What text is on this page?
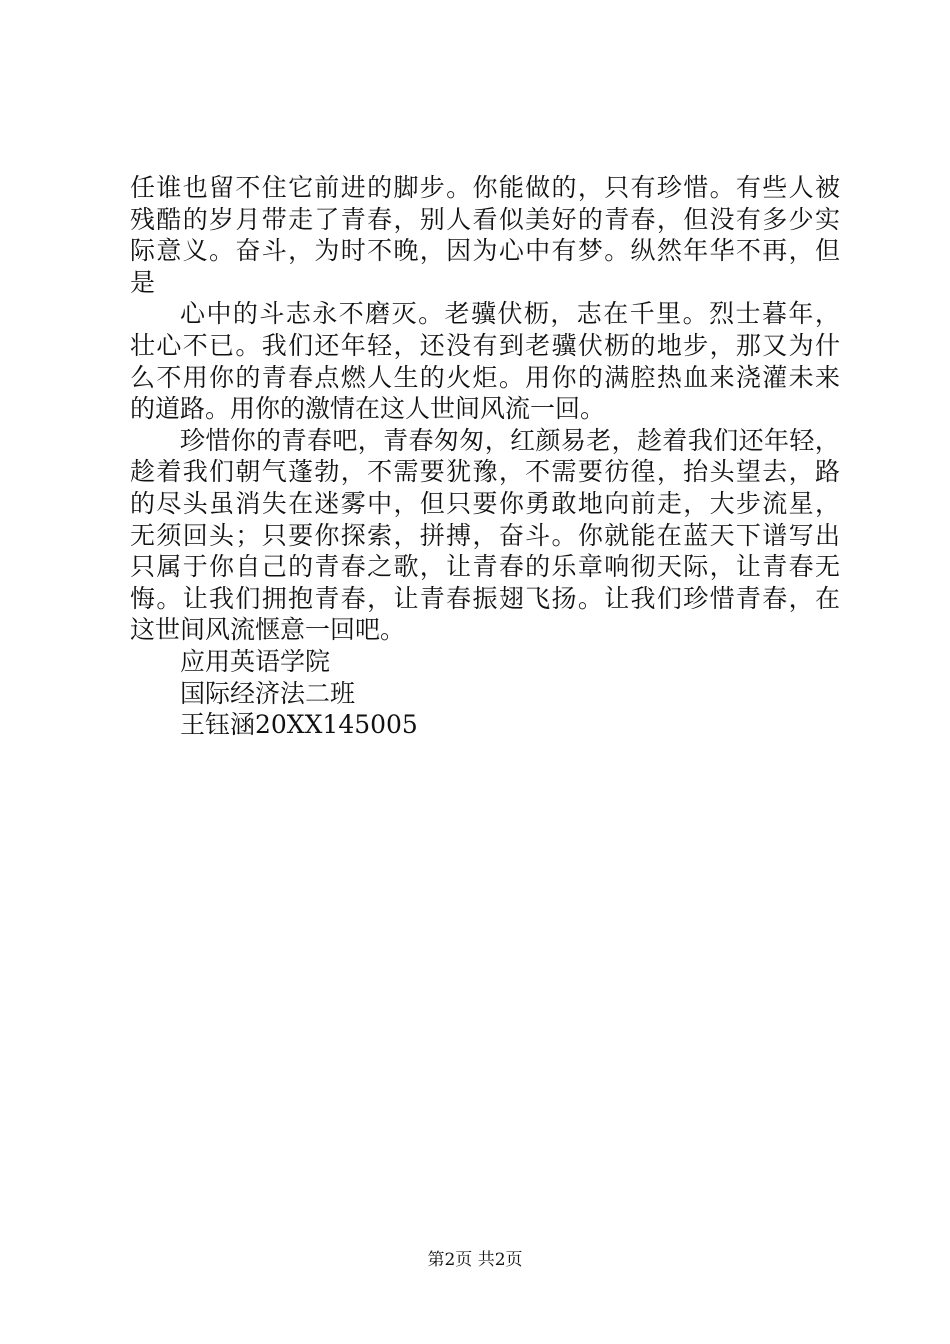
任 谁 也 留 不 住 它 前 进 的 脚 步 。 你 能 做 的 ， 只 有 珍 惜 。 有 些 人 被
残 酷 的 岁 月 带 走 了 青 春 ， 别 人 看 似 美 好 的 青 春 ， 但 没 有 多 少 实
际 意 义 。 奋 斗 ， 为 时 不 晚 ， 因 为 心 中 有 梦 。 纵 然 年 华 不 再 ， 但
是
心 中 的 斗 志 永 不 磨 灭 。 老 骥 伏 枥 ， 志 在 千 里 。 烈 士 暮 年 ，
壮 心 不 已 。 我 们 还 年 轻 ， 还 没 有 到 老 骥 伏 枥 的 地 步 ， 那 又 为 什
么 不 用 你 的 青 春 点 燃 人 生 的 火 炬 。 用 你 的 满 腔 热 血 来 浇 灌 未 来
的道路。用你的激情在这人世间风流一回。
珍 惜 你 的 青 春 吧 ， 青 春 匆 匆 ， 红 颜 易 老 ， 趁 着 我 们 还 年 轻 ，
趁 着 我 们 朝 气 蓬 勃 ， 不 需 要 犹 豫 ， 不 需 要 彷 徨 ， 抬 头 望 去 ， 路
的 尽 头 虽 消 失 在 迷 雾 中 ， 但 只 要 你 勇 敢 地 向 前 走 ， 大 步 流 星 ，
无 须 回 头 ； 只 要 你 探 索 ， 拼 搏 ， 奋 斗 。 你 就 能 在 蓝 天 下 谱 写 出
只 属 于 你 自 己 的 青 春 之 歌 ， 让 青 春 的 乐 章 响 彻 天 际 ， 让 青 春 无
悔 。 让 我 们 拥 抱 青 春 ， 让 青 春 振 翅 飞 扬 。 让 我 们 珍 惜 青 春 ， 在
这世间风流惬意一回吧。
应用英语学院
国际经济法二班
王钰涵20XX145005
第2页 共2页
